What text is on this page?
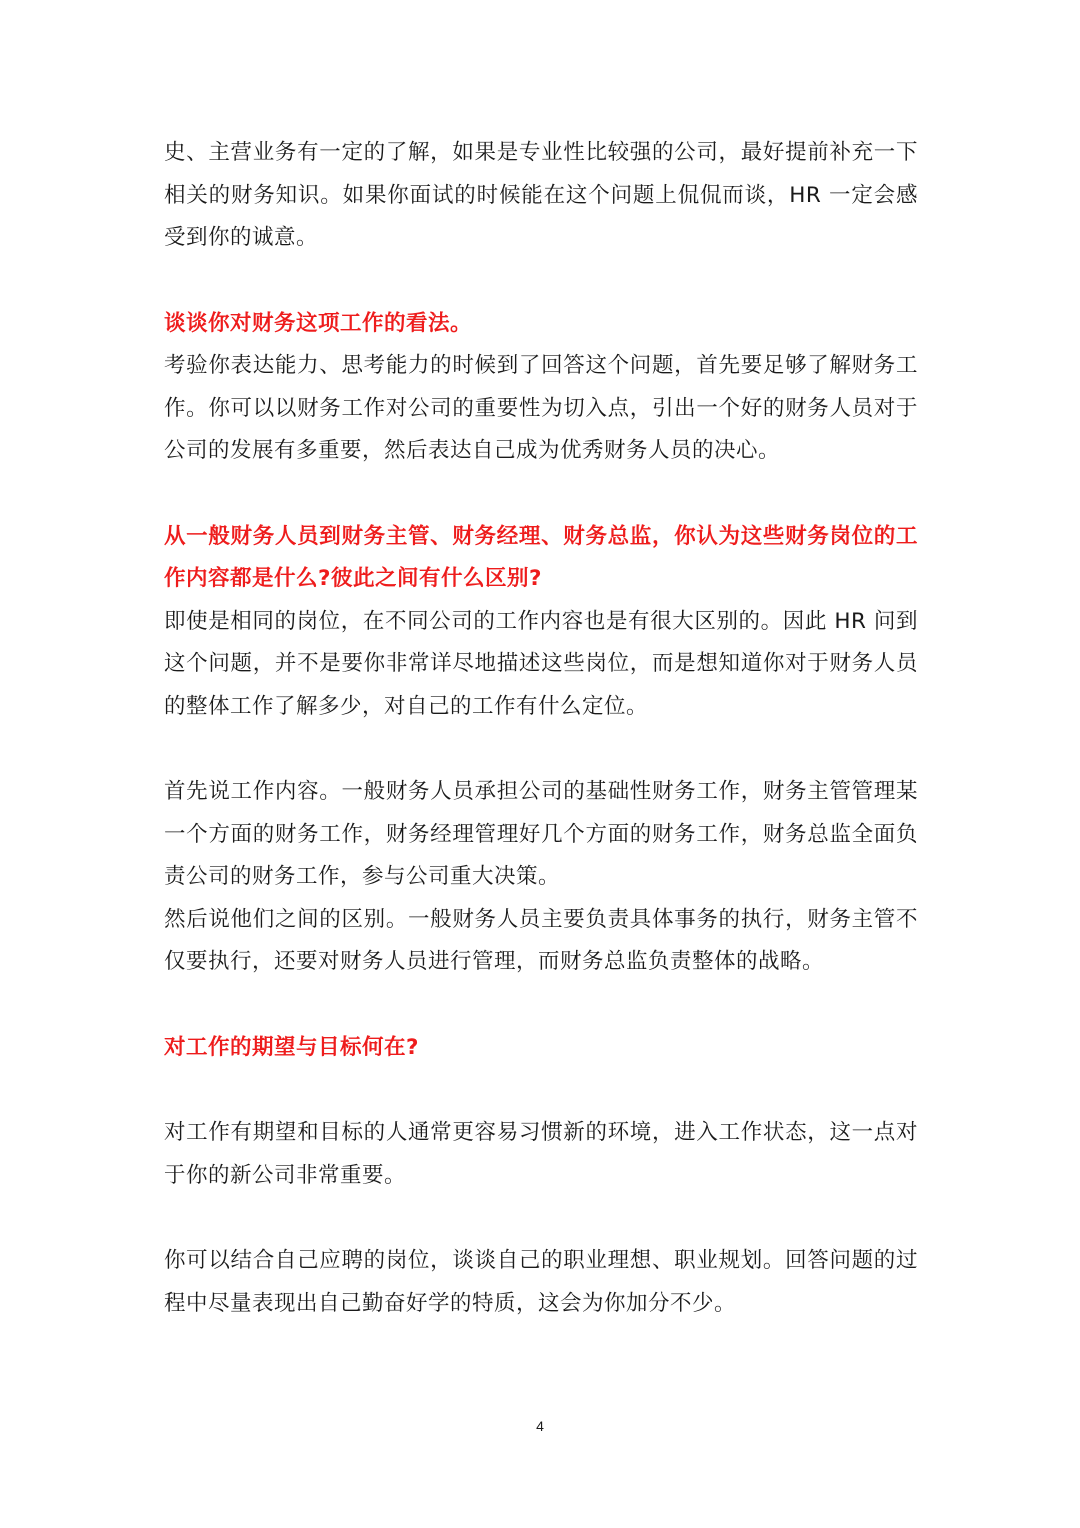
史、主营业务有一定的了解，如果是专业性比较强的公司，最好提前补充一下相关的财务知识。如果你面试的时候能在这个问题上侃侃而谈，HR 一定会感受到你的诚意。

谈谈你对财务这项工作的看法。

考验你表达能力、思考能力的时候到了回答这个问题，首先要足够了解财务工作。你可以以财务工作对公司的重要性为切入点，引出一个好的财务人员对于公司的发展有多重要，然后表达自己成为优秀财务人员的决心。

从一般财务人员到财务主管、财务经理、财务总监，你认为这些财务岗位的工作内容都是什么?彼此之间有什么区别?

即使是相同的岗位，在不同公司的工作内容也是有很大区别的。因此 HR 问到这个问题，并不是要你非常详尽地描述这些岗位，而是想知道你对于财务人员的整体工作了解多少，对自己的工作有什么定位。

首先说工作内容。一般财务人员承担公司的基础性财务工作，财务主管管理某一个方面的财务工作，财务经理管理好几个方面的财务工作，财务总监全面负责公司的财务工作，参与公司重大决策。

然后说他们之间的区别。一般财务人员主要负责具体事务的执行，财务主管不仅要执行，还要对财务人员进行管理，而财务总监负责整体的战略。

对工作的期望与目标何在?

对工作有期望和目标的人通常更容易习惯新的环境，进入工作状态，这一点对于你的新公司非常重要。

你可以结合自己应聘的岗位，谈谈自己的职业理想、职业规划。回答问题的过程中尽量表现出自己勤奋好学的特质，这会为你加分不少。

4
